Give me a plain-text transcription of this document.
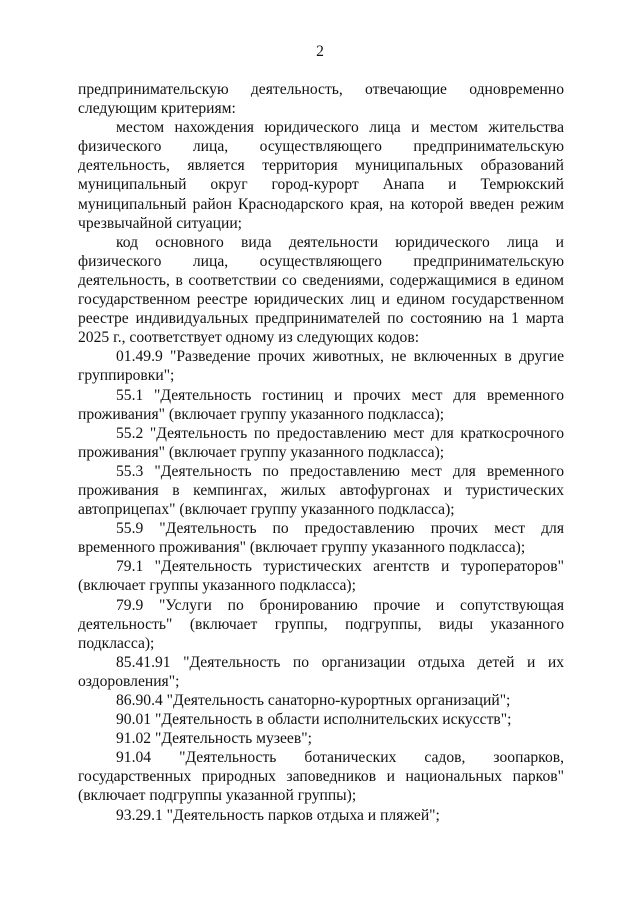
2

предпринимательскую деятельность, отвечающие одновременно следующим критериям:

местом нахождения юридического лица и местом жительства физического лица, осуществляющего предпринимательскую деятельность, является территория муниципальных образований муниципальный округ город-курорт Анапа и Темрюкский муниципальный район Краснодарского края, на которой введен режим чрезвычайной ситуации;

код основного вида деятельности юридического лица и физического лица, осуществляющего предпринимательскую деятельность, в соответствии со сведениями, содержащимися в едином государственном реестре юридических лиц и едином государственном реестре индивидуальных предпринимателей по состоянию на 1 марта 2025 г., соответствует одному из следующих кодов:

01.49.9 "Разведение прочих животных, не включенных в другие группировки";

55.1 "Деятельность гостиниц и прочих мест для временного проживания" (включает группу указанного подкласса);

55.2 "Деятельность по предоставлению мест для краткосрочного проживания" (включает группу указанного подкласса);

55.3 "Деятельность по предоставлению мест для временного проживания в кемпингах, жилых автофургонах и туристических автоприцепах" (включает группу указанного подкласса);

55.9 "Деятельность по предоставлению прочих мест для временного проживания" (включает группу указанного подкласса);

79.1 "Деятельность туристических агентств и туроператоров" (включает группы указанного подкласса);

79.9 "Услуги по бронированию прочие и сопутствующая деятельность" (включает группы, подгруппы, виды указанного подкласса);

85.41.91 "Деятельность по организации отдыха детей и их оздоровления";

86.90.4 "Деятельность санаторно-курортных организаций";

90.01 "Деятельность в области исполнительских искусств";

91.02 "Деятельность музеев";

91.04 "Деятельность ботанических садов, зоопарков, государственных природных заповедников и национальных парков" (включает подгруппы указанной группы);

93.29.1 "Деятельность парков отдыха и пляжей";
